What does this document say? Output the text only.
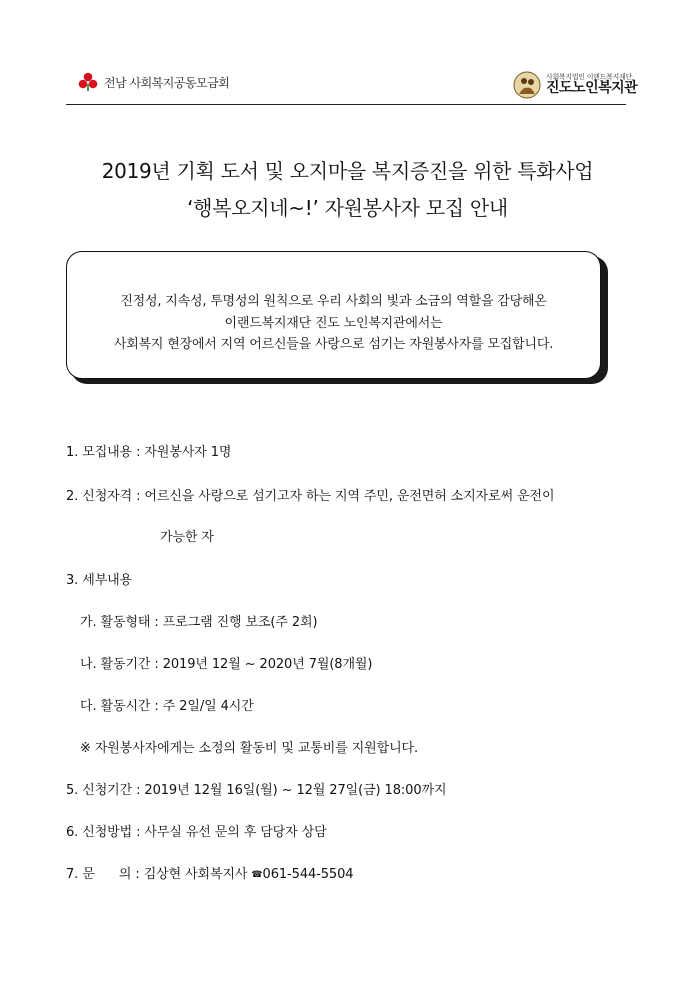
전남 사회복지공동모금회	사회복지법인 이랜드복지재단
진도노인복지관
2019년 기획 도서 및 오지마을 복지증진을 위한 특화사업
‘행복오지네~!’ 자원봉사자 모집 안내
진정성, 지속성, 투명성의 원칙으로 우리 사회의 빛과 소금의 역할을 감당해온
이랜드복지재단 진도 노인복지관에서는
사회복지 현장에서 지역 어르신들을 사랑으로 섬기는 자원봉사자를 모집합니다.
1. 모집내용 : 자원봉사자 1명
2. 신청자격 : 어르신을 사랑으로 섬기고자 하는 지역 주민, 운전면허 소지자로써 운전이
가능한 자
3. 세부내용
가. 활동형태 : 프로그램 진행 보조(주 2회)
나. 활동기간 : 2019년 12월 ~ 2020년 7월(8개월)
다. 활동시간 : 주 2일/일 4시간
※ 자원봉사자에게는 소정의 활동비 및 교통비를 지원합니다.
5. 신청기간 : 2019년 12월 16일(월) ~ 12월 27일(금) 18:00까지
6. 신청방법 : 사무실 유선 문의 후 담당자 상담
7. 문      의 : 김상현 사회복지사 ☎061-544-5504
